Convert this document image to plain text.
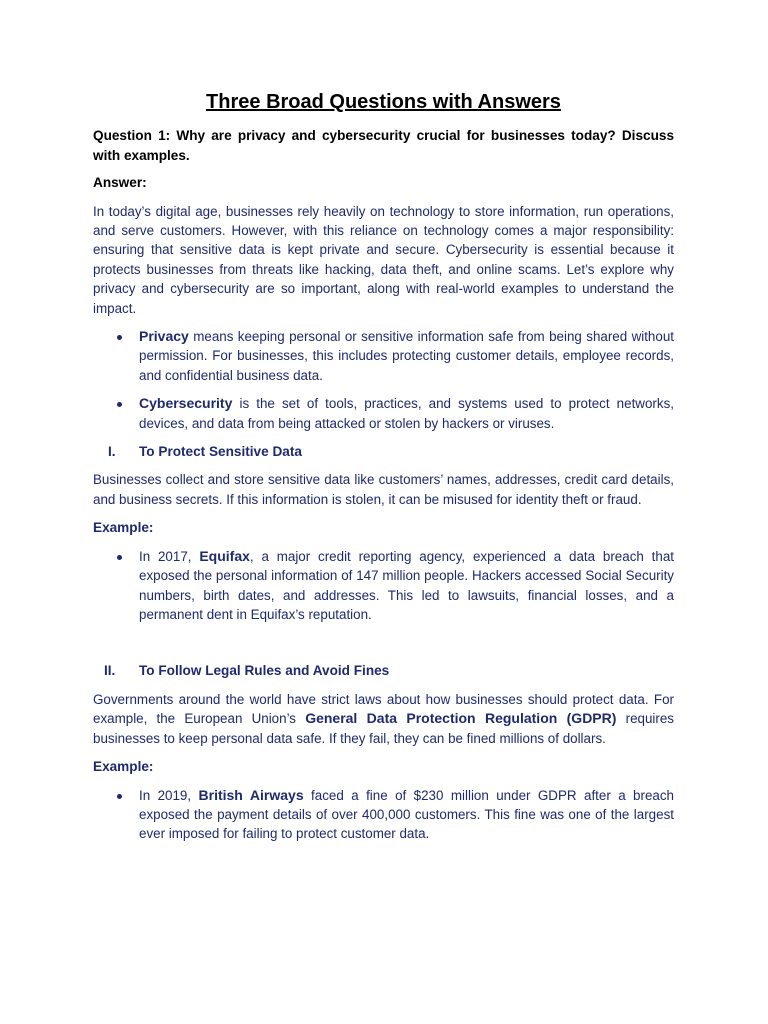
Three Broad Questions with Answers

Question 1: Why are privacy and cybersecurity crucial for businesses today? Discuss with examples.

Answer:

In today’s digital age, businesses rely heavily on technology to store information, run operations, and serve customers. However, with this reliance on technology comes a major responsibility: ensuring that sensitive data is kept private and secure. Cybersecurity is essential because it protects businesses from threats like hacking, data theft, and online scams. Let’s explore why privacy and cybersecurity are so important, along with real-world examples to understand the impact.

Privacy means keeping personal or sensitive information safe from being shared without permission. For businesses, this includes protecting customer details, employee records, and confidential business data.
Cybersecurity is the set of tools, practices, and systems used to protect networks, devices, and data from being attacked or stolen by hackers or viruses.
I.	To Protect Sensitive Data

Businesses collect and store sensitive data like customers’ names, addresses, credit card details, and business secrets. If this information is stolen, it can be misused for identity theft or fraud.

Example:

In 2017, Equifax, a major credit reporting agency, experienced a data breach that exposed the personal information of 147 million people. Hackers accessed Social Security numbers, birth dates, and addresses. This led to lawsuits, financial losses, and a permanent dent in Equifax’s reputation.
II.	To Follow Legal Rules and Avoid Fines

Governments around the world have strict laws about how businesses should protect data. For example, the European Union’s General Data Protection Regulation (GDPR) requires businesses to keep personal data safe. If they fail, they can be fined millions of dollars.

Example:

In 2019, British Airways faced a fine of $230 million under GDPR after a breach exposed the payment details of over 400,000 customers. This fine was one of the largest ever imposed for failing to protect customer data.
